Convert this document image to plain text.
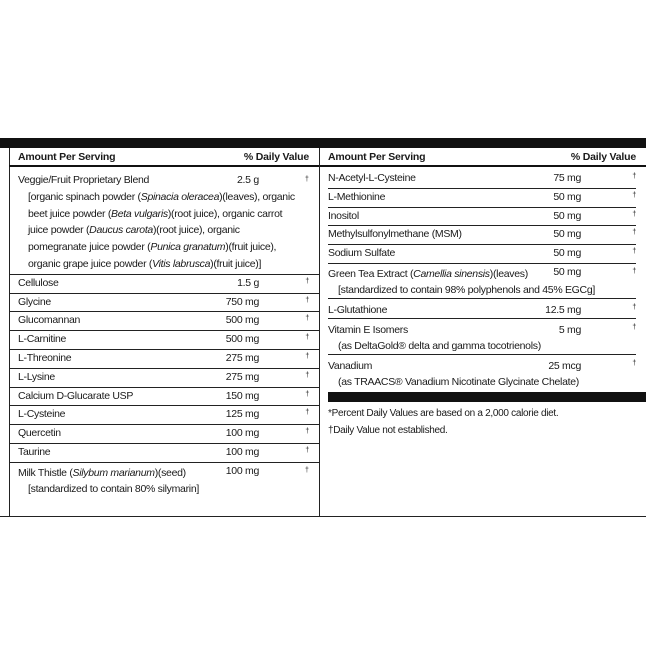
Amount Per Serving	% Daily Value
Veggie/Fruit Proprietary Blend	2.5 g	†
[organic spinach powder (Spinacia oleracea)(leaves), organic beet juice powder (Beta vulgaris)(root juice), organic carrot juice powder (Daucus carota)(root juice), organic pomegranate juice powder (Punica granatum)(fruit juice), organic grape juice powder (Vitis labrusca)(fruit juice)]
Cellulose	1.5 g	†
Glycine	750 mg	†
Glucomannan	500 mg	†
L-Carnitine	500 mg	†
L-Threonine	275 mg	†
L-Lysine	275 mg	†
Calcium D-Glucarate USP	150 mg	†
L-Cysteine	125 mg	†
Quercetin	100 mg	†
Taurine	100 mg	†
Milk Thistle (Silybum marianum)(seed)	100 mg	†
[standardized to contain 80% silymarin]
Amount Per Serving	% Daily Value
N-Acetyl-L-Cysteine	75 mg	†
L-Methionine	50 mg	†
Inositol	50 mg	†
Methylsulfonylmethane (MSM)	50 mg	†
Sodium Sulfate	50 mg	†
Green Tea Extract (Camellia sinensis)(leaves)	50 mg	†
[standardized to contain 98% polyphenols and 45% EGCg]
L-Glutathione	12.5 mg	†
Vitamin E Isomers	5 mg	†
(as DeltaGold® delta and gamma tocotrienols)
Vanadium	25 mcg	†
(as TRAACS® Vanadium Nicotinate Glycinate Chelate)
*Percent Daily Values are based on a 2,000 calorie diet.
†Daily Value not established.
